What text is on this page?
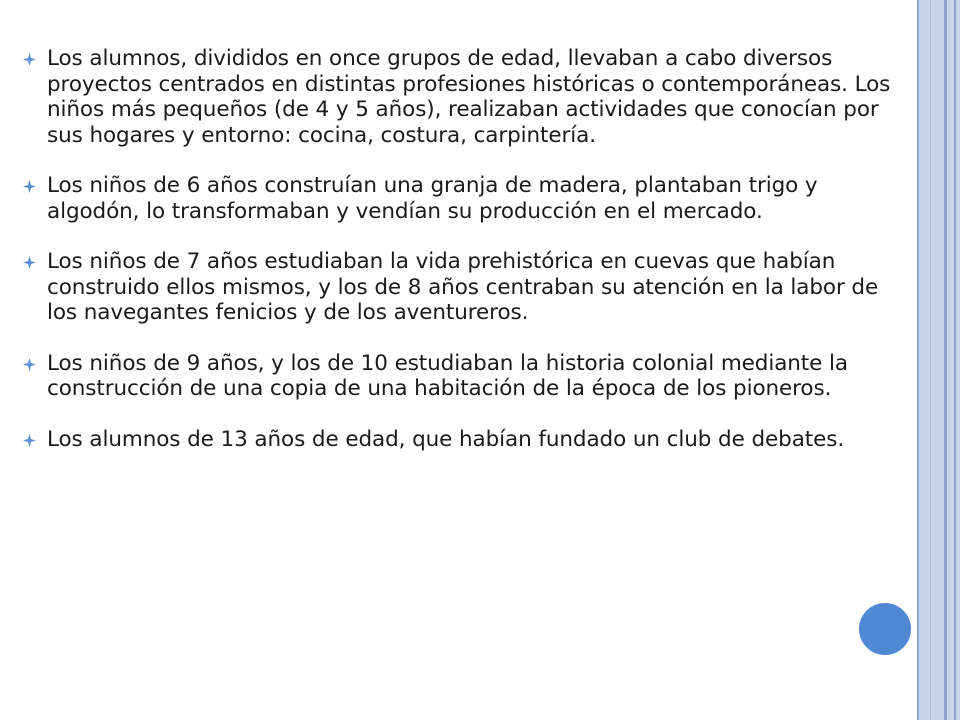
Los alumnos, divididos en once grupos de edad, llevaban a cabo diversos proyectos centrados en distintas profesiones históricas o contemporáneas. Los niños más pequeños (de 4 y 5 años), realizaban actividades que conocían por sus hogares y entorno: cocina, costura, carpintería.
Los niños de 6 años construían una granja de madera, plantaban trigo y algodón, lo transformaban y vendían su producción en el mercado.
Los niños de 7 años estudiaban la vida prehistórica en cuevas que habían construido ellos mismos, y los de 8 años centraban su atención en la labor de los navegantes fenicios y de los aventureros.
Los niños de 9 años, y los de 10 estudiaban la historia colonial mediante la construcción de una copia de una habitación de la época de los pioneros.
Los alumnos de 13 años de edad, que habían fundado un club de debates.
